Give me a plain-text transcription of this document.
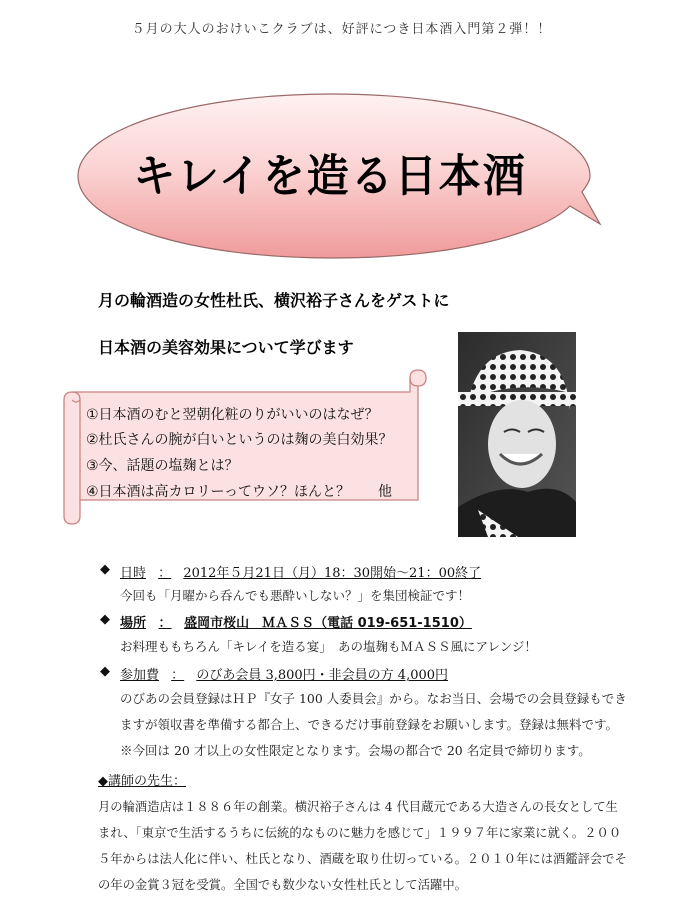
５月の大人のおけいこクラブは、好評につき日本酒入門第２弾！！
キレイを造る日本酒
月の輪酒造の女性杜氏、横沢裕子さんをゲストに
日本酒の美容効果について学びます
①日本酒のむと翌朝化粧のりがいいのはなぜ？
②杜氏さんの腕が白いというのは麹の美白効果？
③今、話題の塩麹とは？
④日本酒は高カロリーってウソ？ほんと？　　他
◆ 日時 ： 2012年５月21日（月）18：30開始～21：00終了
今回も「月曜から呑んでも悪酔いしない？」を集団検証です！
◆ 場所 ： 盛岡市桜山　ＭＡＳＳ（電話 019-651-1510）
お料理ももちろん「キレイを造る宴」　あの塩麹もＭＡＳＳ風にアレンジ！
◆ 参加費 ： のびあ会員 3,800円・非会員の方 4,000円
のびあの会員登録はＨＰ『女子 100 人委員会』から。なお当日、会場での会員登録もでき
ますが領収書を準備する都合上、できるだけ事前登録をお願いします。登録は無料です。
※今回は 20 才以上の女性限定となります。会場の都合で 20 名定員で締切ります。
◆講師の先生：
月の輪酒造店は１８８６年の創業。横沢裕子さんは 4 代目蔵元である大造さんの長女として生
まれ、「東京で生活するうちに伝統的なものに魅力を感じて」１９９７年に家業に就く。２００
５年からは法人化に伴い、杜氏となり、酒蔵を取り仕切っている。２０１０年には酒鑑評会でそ
の年の金賞３冠を受賞。全国でも数少ない女性杜氏として活躍中。
